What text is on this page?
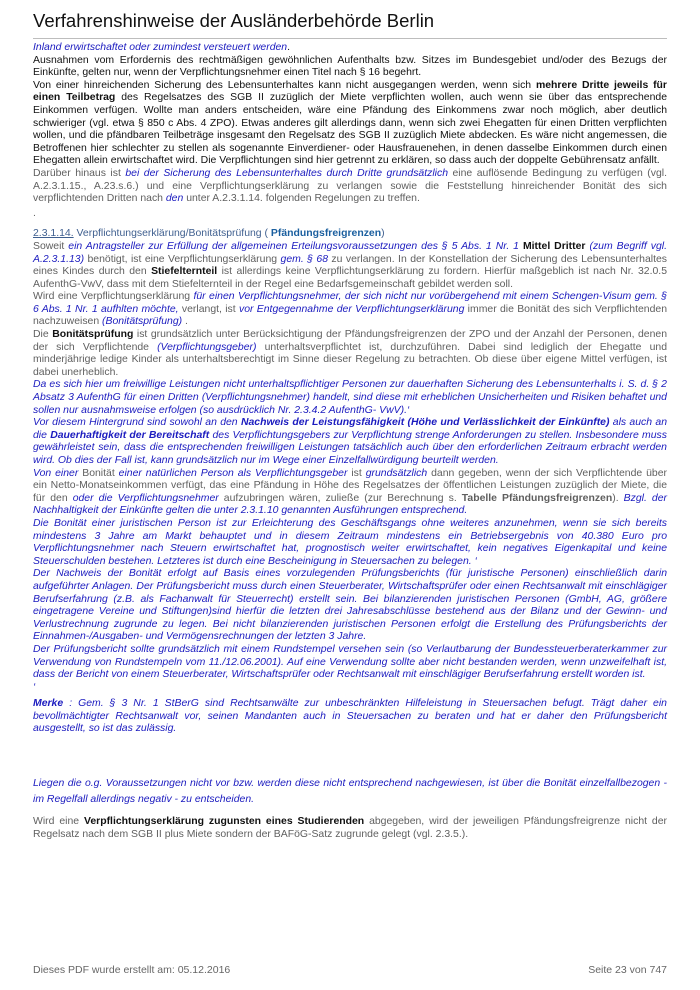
Verfahrenshinweise der Ausländerbehörde Berlin

Inland erwirtschaftet oder zumindest versteuert werden.

Ausnahmen vom Erfordernis des rechtmäßigen gewöhnlichen Aufenthalts bzw. Sitzes im Bundesgebiet und/oder des Bezugs der Einkünfte, gelten nur, wenn der Verpflichtungsnehmer einen Titel nach § 16 begehrt.

Von einer hinreichenden Sicherung des Lebensunterhaltes kann nicht ausgegangen werden, wenn sich mehrere Dritte jeweils für einen Teilbetrag des Regelsatzes des SGB II zuzüglich der Miete verpflichten wollen, auch wenn sie über das entsprechende Einkommen verfügen. Wollte man anders entscheiden, wäre eine Pfändung des Einkommens zwar noch möglich, aber deutlich schwieriger (vgl. etwa § 850 c Abs. 4 ZPO). Etwas anderes gilt allerdings dann, wenn sich zwei Ehegatten für einen Dritten verpflichten wollen, und die pfändbaren Teilbeträge insgesamt den Regelsatz des SGB II zuzüglich Miete abdecken. Es wäre nicht angemessen, die Betroffenen hier schlechter zu stellen als sogenannte Einverdiener- oder Hausfrauenehen, in denen dasselbe Einkommen durch einen Ehegatten allein erwirtschaftet wird. Die Verpflichtungen sind hier getrennt zu erklären, so dass auch der doppelte Gebührensatz anfällt.

Darüber hinaus ist bei der Sicherung des Lebensunterhaltes durch Dritte grundsätzlich eine auflösende Bedingung zu verfügen (vgl. A.2.3.1.15., A.23.s.6.) und eine Verpflichtungserklärung zu verlangen sowie die Feststellung hinreichender Bonität des sich verpflichtenden Dritten nach den unter A.2.3.1.14. folgenden Regelungen zu treffen.

.

2.3.1.14. Verpflichtungserklärung/Bonitätsprüfung ( Pfändungsfreigrenzen)

Soweit ein Antragsteller zur Erfüllung der allgemeinen Erteilungsvoraussetzungen des § 5 Abs. 1 Nr. 1 Mittel Dritter (zum Begriff vgl. A.2.3.1.13) benötigt, ist eine Verpflichtungserklärung gem. § 68 zu verlangen. In der Konstellation der Sicherung des Lebensunterhaltes eines Kindes durch den Stiefelternteil ist allerdings keine Verpflichtungserklärung zu fordern. Hierfür maßgeblich ist nach Nr. 32.0.5 AufenthG-VwV, dass mit dem Stiefelternteil in der Regel eine Bedarfsgemeinschaft gebildet werden soll.

Wird eine Verpflichtungserklärung für einen Verpflichtungsnehmer, der sich nicht nur vorübergehend mit einem Schengen-Visum gem. § 6 Abs. 1 Nr. 1 aufhlten möchte, verlangt, ist vor Entgegennahme der Verpflichtungserklärung immer die Bonität des sich Verpflichtenden nachzuweisen (Bonitätsprüfung) .

Die Bonitätsprüfung ist grundsätzlich unter Berücksichtigung der Pfändungsfreigrenzen der ZPO und der Anzahl der Personen, denen der sich Verpflichtende (Verpflichtungsgeber) unterhaltsverpflichtet ist, durchzuführen. Dabei sind lediglich der Ehegatte und minderjährige ledige Kinder als unterhaltsberechtigt im Sinne dieser Regelung zu betrachten. Ob diese über eigene Mittel verfügen, ist dabei unerheblich.

Da es sich hier um freiwillige Leistungen nicht unterhaltspflichtiger Personen zur dauerhaften Sicherung des Lebensunterhalts i. S. d. § 2 Absatz 3 AufenthG für einen Dritten (Verpflichtungsnehmer) handelt, sind diese mit erheblichen Unsicherheiten und Risiken behaftet und sollen nur ausnahmsweise erfolgen (so ausdrücklich Nr. 2.3.4.2 AufenthG- VwV).‘

Vor diesem Hintergrund sind sowohl an den Nachweis der Leistungsfähigkeit (Höhe und Verlässlichkeit der Einkünfte) als auch an die Dauerhaftigkeit der Bereitschaft des Verpflichtungsgebers zur Verpflichtung strenge Anforderungen zu stellen. Insbesondere muss gewährleistet sein, dass die entsprechenden freiwilligen Leistungen tatsächlich auch über den erforderlichen Zeitraum erbracht werden wird. Ob dies der Fall ist, kann grundsätzlich nur im Wege einer Einzelfallwürdigung beurteilt werden.

Von einer Bonität einer natürlichen Person als Verpflichtungsgeber ist grundsätzlich dann gegeben, wenn der sich Verpflichtende über ein Netto-Monatseinkommen verfügt, das eine Pfändung in Höhe des Regelsatzes der öffentlichen Leistungen zuzüglich der Miete, die für den oder die Verpflichtungsnehmer aufzubringen wären, zuließe (zur Berechnung s. Tabelle Pfändungsfreigrenzen). Bzgl. der Nachhaltigkeit der Einkünfte gelten die unter 2.3.1.10 genannten Ausführungen entsprechend.

Die Bonität einer juristischen Person ist zur Erleichterung des Geschäftsgangs ohne weiteres anzunehmen, wenn sie sich bereits mindestens 3 Jahre am Markt behauptet und in diesem Zeitraum mindestens ein Betriebsergebnis von 40.380 Euro pro Verpflichtungsnehmer nach Steuern erwirtschaftet hat, prognostisch weiter erwirtschaftet, kein negatives Eigenkapital und keine Steuerschulden bestehen. Letzteres ist durch eine Bescheinigung in Steuersachen zu belegen. ‘

Der Nachweis der Bonität erfolgt auf Basis eines vorzulegenden Prüfungsberichts (für juristische Personen) einschließlich darin aufgeführter Anlagen. Der Prüfungsbericht muss durch einen Steuerberater, Wirtschaftsprüfer oder einen Rechtsanwalt mit einschlägiger Berufserfahrung (z.B. als Fachanwalt für Steuerrecht) erstellt sein. Bei bilanzierenden juristischen Personen (GmbH, AG, größere eingetragene Vereine und Stiftungen)sind hierfür die letzten drei Jahresabschlüsse bestehend aus der Bilanz und der Gewinn- und Verlustrechnung zugrunde zu legen. Bei nicht bilanzierenden juristischen Personen erfolgt die Erstellung des Prüfungsberichts der Einnahmen-/Ausgaben- und Vermögensrechnungen der letzten 3 Jahre.

Der Prüfungsbericht sollte grundsätzlich mit einem Rundstempel versehen sein (so Verlautbarung der Bundessteuerberaterkammer zur Verwendung von Rundstempeln vom 11./12.06.2001). Auf eine Verwendung sollte aber nicht bestanden werden, wenn unzweifelhaft ist, dass der Bericht von einem Steuerberater, Wirtschaftsprüfer oder Rechtsanwalt mit einschlägiger Berufserfahrung erstellt worden ist.

‘

Merke : Gem. § 3 Nr. 1 StBerG sind Rechtsanwälte zur unbeschränkten Hilfeleistung in Steuersachen befugt. Trägt daher ein bevollmächtigter Rechtsanwalt vor, seinen Mandanten auch in Steuersachen zu beraten und hat er daher den Prüfungsbericht ausgestellt, so ist das zulässig.

Liegen die o.g. Voraussetzungen nicht vor bzw. werden diese nicht entsprechend nachgewiesen, ist über die Bonität einzelfallbezogen - im Regelfall allerdings negativ - zu entscheiden.

Wird eine Verpflichtungserklärung zugunsten eines Studierenden abgegeben, wird der jeweiligen Pfändungsfreigrenze nicht der Regelsatz nach dem SGB II plus Miete sondern der BAFöG-Satz zugrunde gelegt (vgl. 2.3.5.).

Dieses PDF wurde erstellt am: 05.12.2016	Seite 23 von 747
